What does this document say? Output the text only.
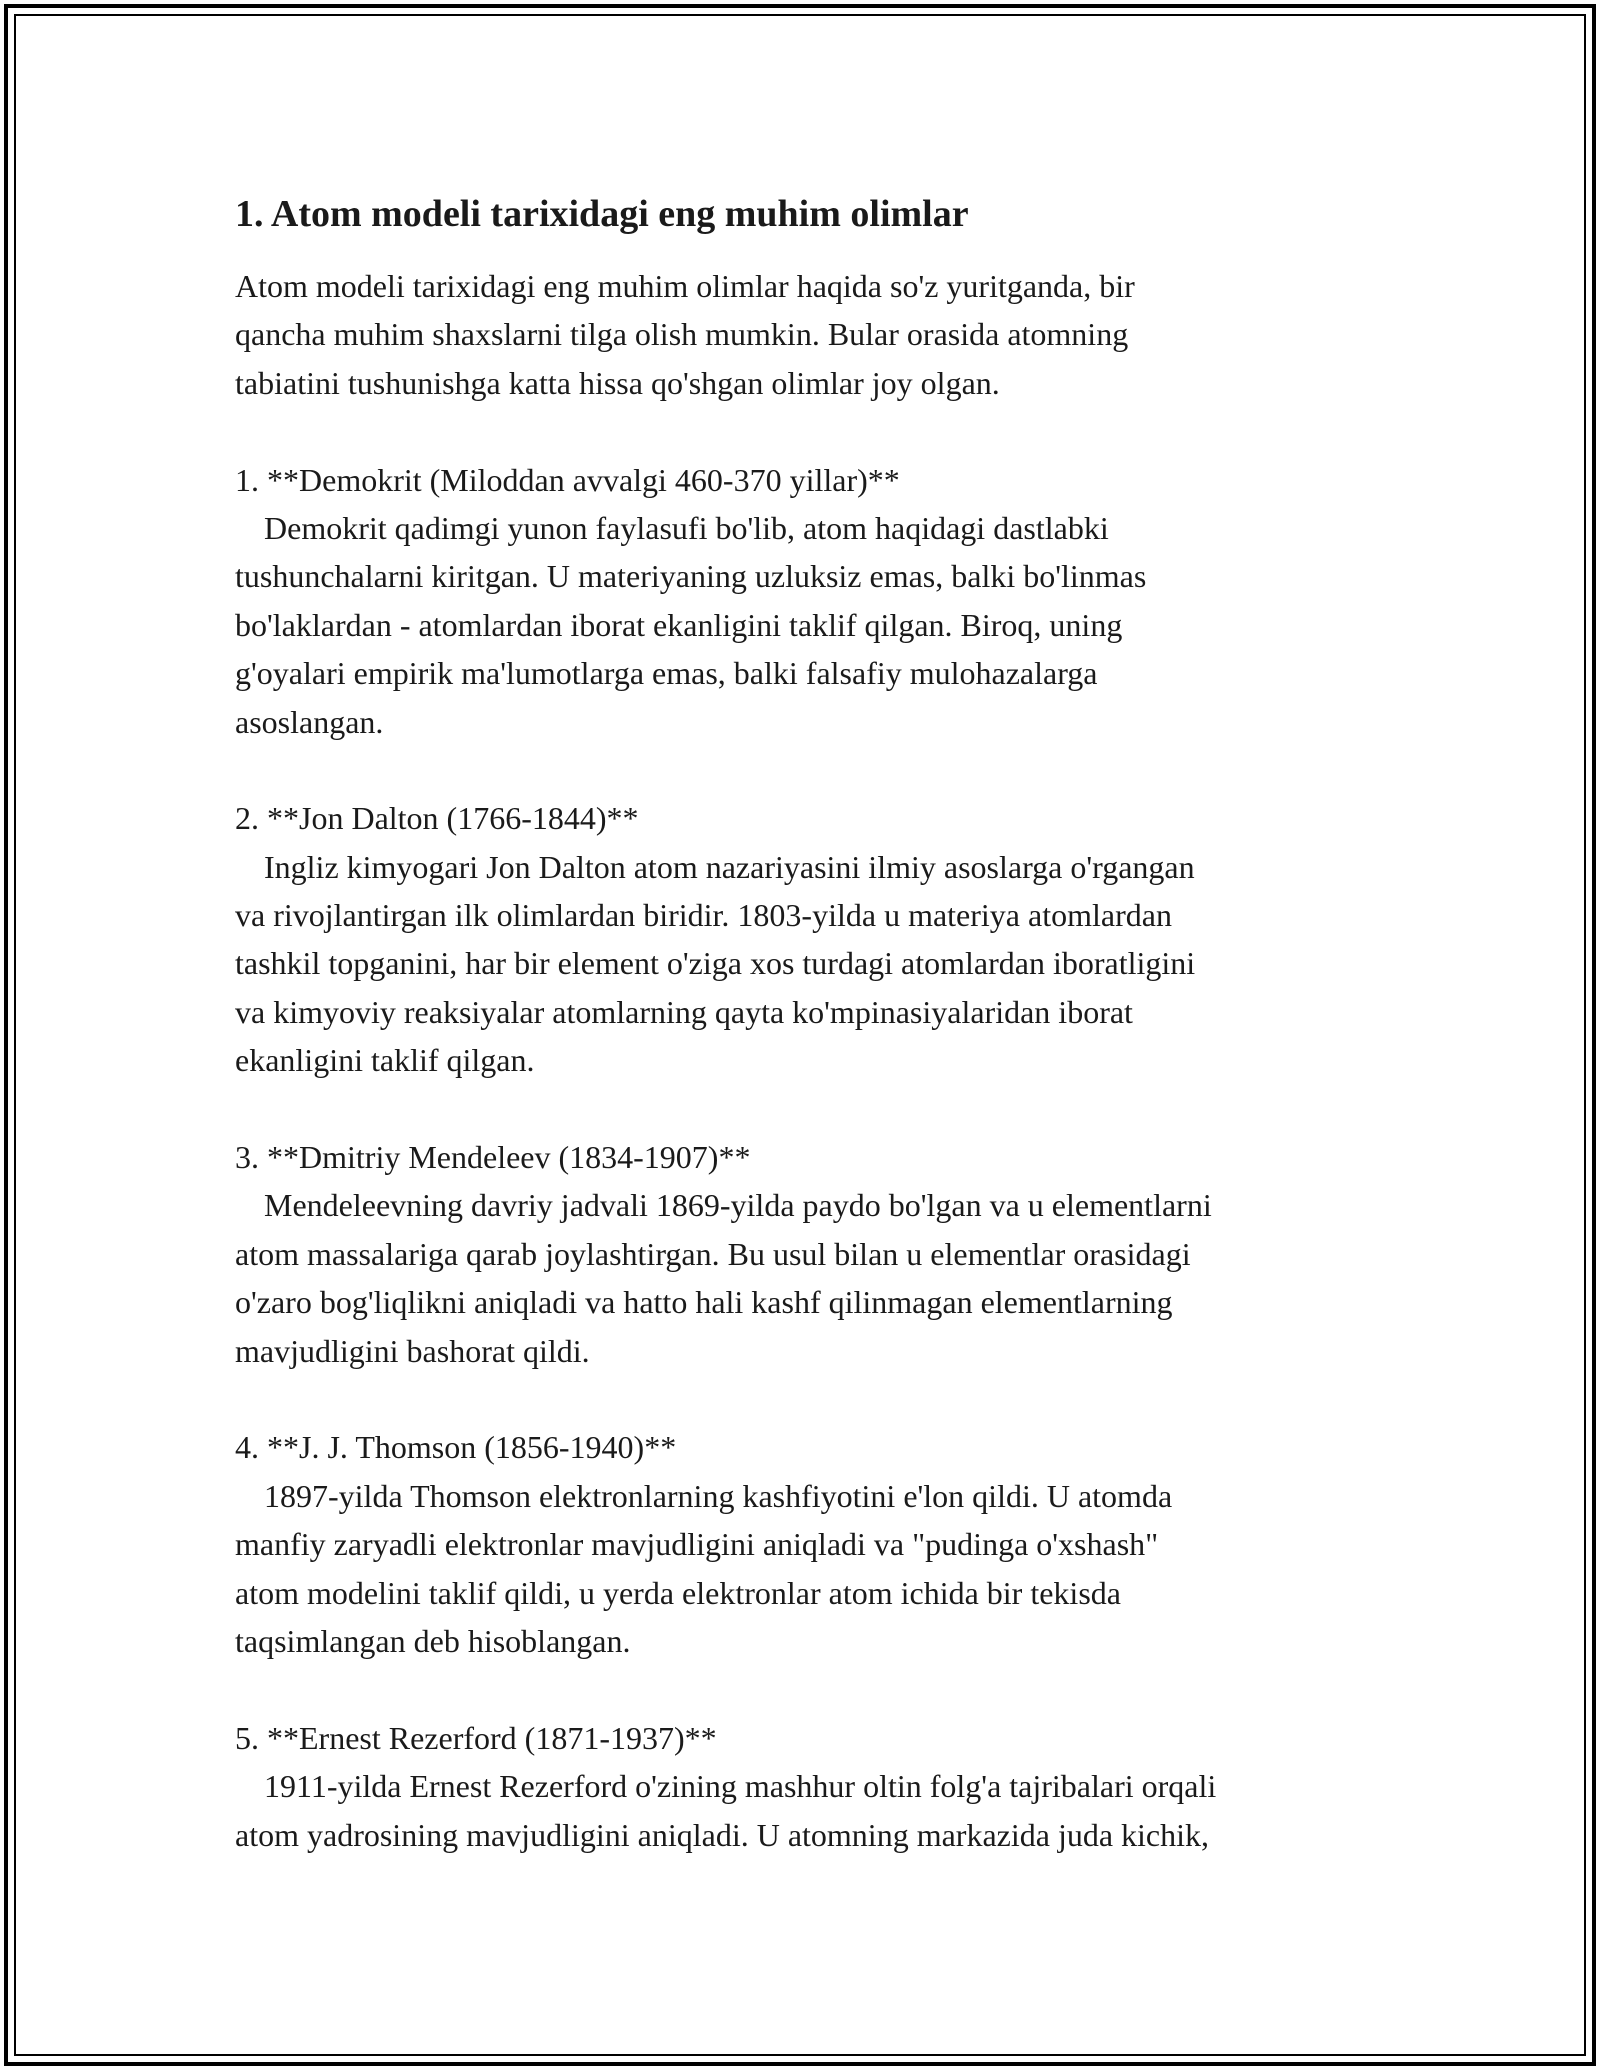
1. Atom modeli tarixidagi eng muhim olimlar

Atom modeli tarixidagi eng muhim olimlar haqida so'z yuritganda, bir
qancha muhim shaxslarni tilga olish mumkin. Bular orasida atomning
tabiatini tushunishga katta hissa qo'shgan olimlar joy olgan.

1. **Demokrit (Miloddan avvalgi 460-370 yillar)**
Demokrit qadimgi yunon faylasufi bo'lib, atom haqidagi dastlabki
tushunchalarni kiritgan. U materiyaning uzluksiz emas, balki bo'linmas
bo'laklardan - atomlardan iborat ekanligini taklif qilgan. Biroq, uning
g'oyalari empirik ma'lumotlarga emas, balki falsafiy mulohazalarga
asoslangan.
2. **Jon Dalton (1766-1844)**
Ingliz kimyogari Jon Dalton atom nazariyasini ilmiy asoslarga o'rgangan
va rivojlantirgan ilk olimlardan biridir. 1803-yilda u materiya atomlardan
tashkil topganini, har bir element o'ziga xos turdagi atomlardan iboratligini
va kimyoviy reaksiyalar atomlarning qayta ko'mpinasiyalaridan iborat
ekanligini taklif qilgan.
3. **Dmitriy Mendeleev (1834-1907)**
Mendeleevning davriy jadvali 1869-yilda paydo bo'lgan va u elementlarni
atom massalariga qarab joylashtirgan. Bu usul bilan u elementlar orasidagi
o'zaro bog'liqlikni aniqladi va hatto hali kashf qilinmagan elementlarning
mavjudligini bashorat qildi.
4. **J. J. Thomson (1856-1940)**
1897-yilda Thomson elektronlarning kashfiyotini e'lon qildi. U atomda
manfiy zaryadli elektronlar mavjudligini aniqladi va "pudinga o'xshash"
atom modelini taklif qildi, u yerda elektronlar atom ichida bir tekisda
taqsimlangan deb hisoblangan.
5. **Ernest Rezerford (1871-1937)**
1911-yilda Ernest Rezerford o'zining mashhur oltin folg'a tajribalari orqali
atom yadrosining mavjudligini aniqladi. U atomning markazida juda kichik,
